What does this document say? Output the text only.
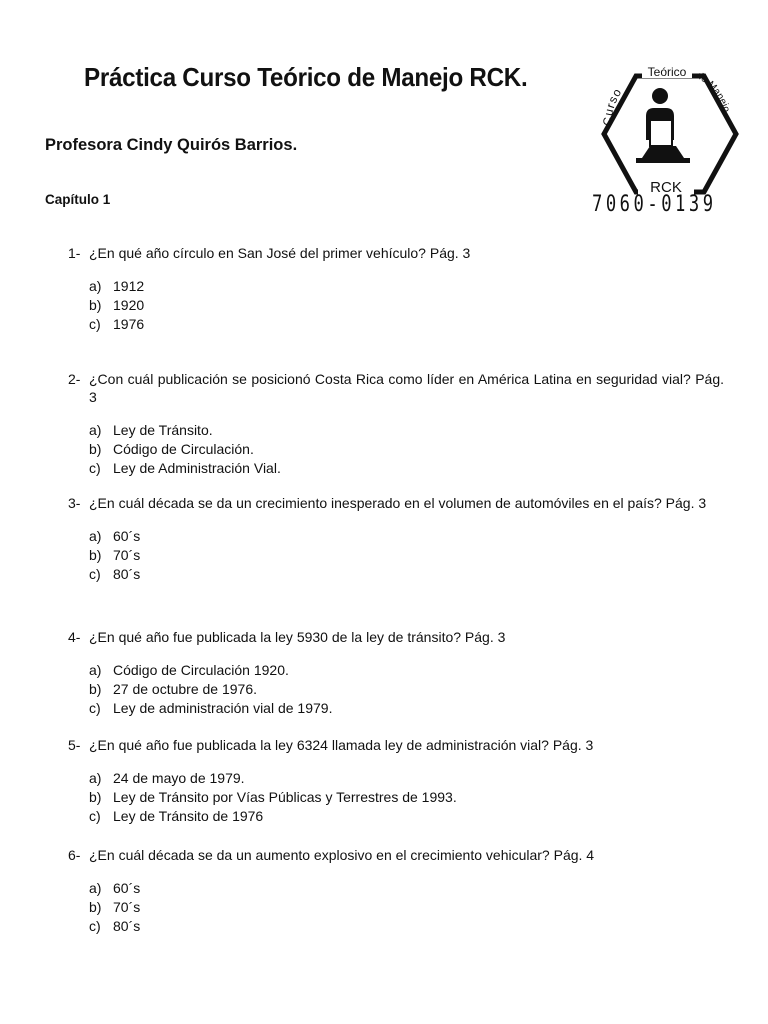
Práctica Curso Teórico de Manejo RCK.
Profesora Cindy Quirós Barrios.
Capítulo 1
Curso
Teórico de Manejo
RCK
7060-0139
1- ¿En qué año círculo en San José del primer vehículo? Pág. 3
a) 1912
b) 1920
c) 1976
2- ¿Con cuál publicación se posicionó Costa Rica como líder en América Latina en seguridad vial? Pág. 3
a) Ley de Tránsito.
b) Código de Circulación.
c) Ley de Administración Vial.
3- ¿En cuál década se da un crecimiento inesperado en el volumen de automóviles en el país? Pág. 3
a) 60´s
b) 70´s
c) 80´s
4- ¿En qué año fue publicada la ley 5930 de la ley de tránsito? Pág. 3
a) Código de Circulación 1920.
b) 27 de octubre de 1976.
c) Ley de administración vial de 1979.
5- ¿En qué año fue publicada la ley 6324 llamada ley de administración vial? Pág. 3
a) 24 de mayo de 1979.
b) Ley de Tránsito por Vías Públicas y Terrestres de 1993.
c) Ley de Tránsito de 1976
6- ¿En cuál década se da un aumento explosivo en el crecimiento vehicular? Pág. 4
a) 60´s
b) 70´s
c) 80´s
